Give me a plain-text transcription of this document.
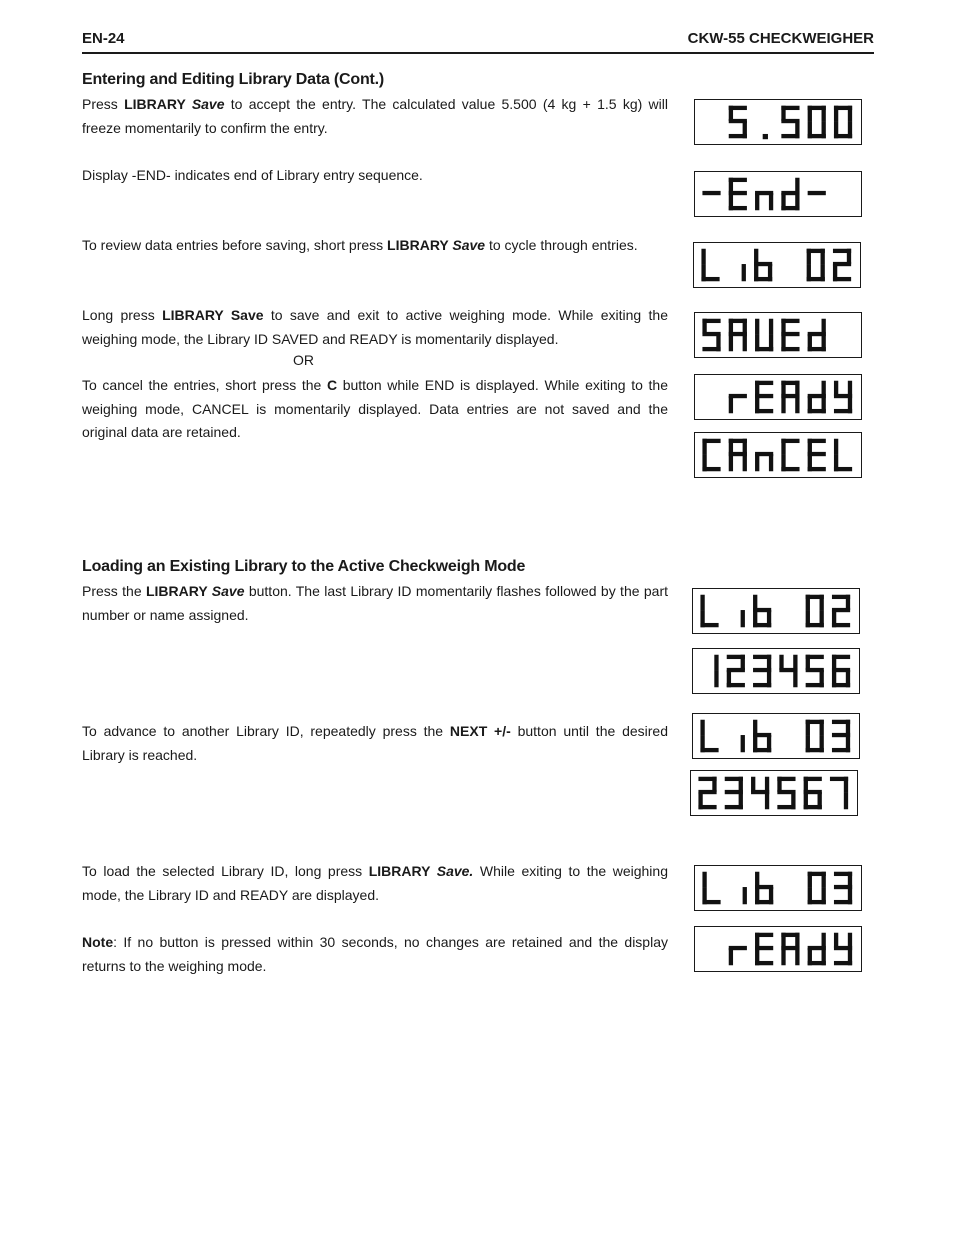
EN-24	CKW-55 CHECKWEIGHER
Entering and Editing Library Data (Cont.)
Press LIBRARY Save to accept the entry. The calculated value 5.500 (4 kg + 1.5 kg) will freeze momentarily to confirm the entry.
Display -END- indicates end of Library entry sequence.
To review data entries before saving, short press LIBRARY Save to cycle through entries.
Long press LIBRARY Save to save and exit to active weighing mode. While exiting the weighing mode, the Library ID SAVED and READY is momentarily displayed.
OR
To cancel the entries, short press the C button while END is displayed. While exiting to the weighing mode, CANCEL is momentarily displayed. Data entries are not saved and the original data are retained.
Loading an Existing Library to the Active Checkweigh Mode
Press the LIBRARY Save button. The last Library ID momentarily flashes followed by the part number or name assigned.
To advance to another Library ID, repeatedly press the NEXT +/- button until the desired Library is reached.
To load the selected Library ID, long press LIBRARY Save. While exiting to the weighing mode, the Library ID and READY are displayed.
Note: If no button is pressed within 30 seconds, no changes are retained and the display returns to the weighing mode.
